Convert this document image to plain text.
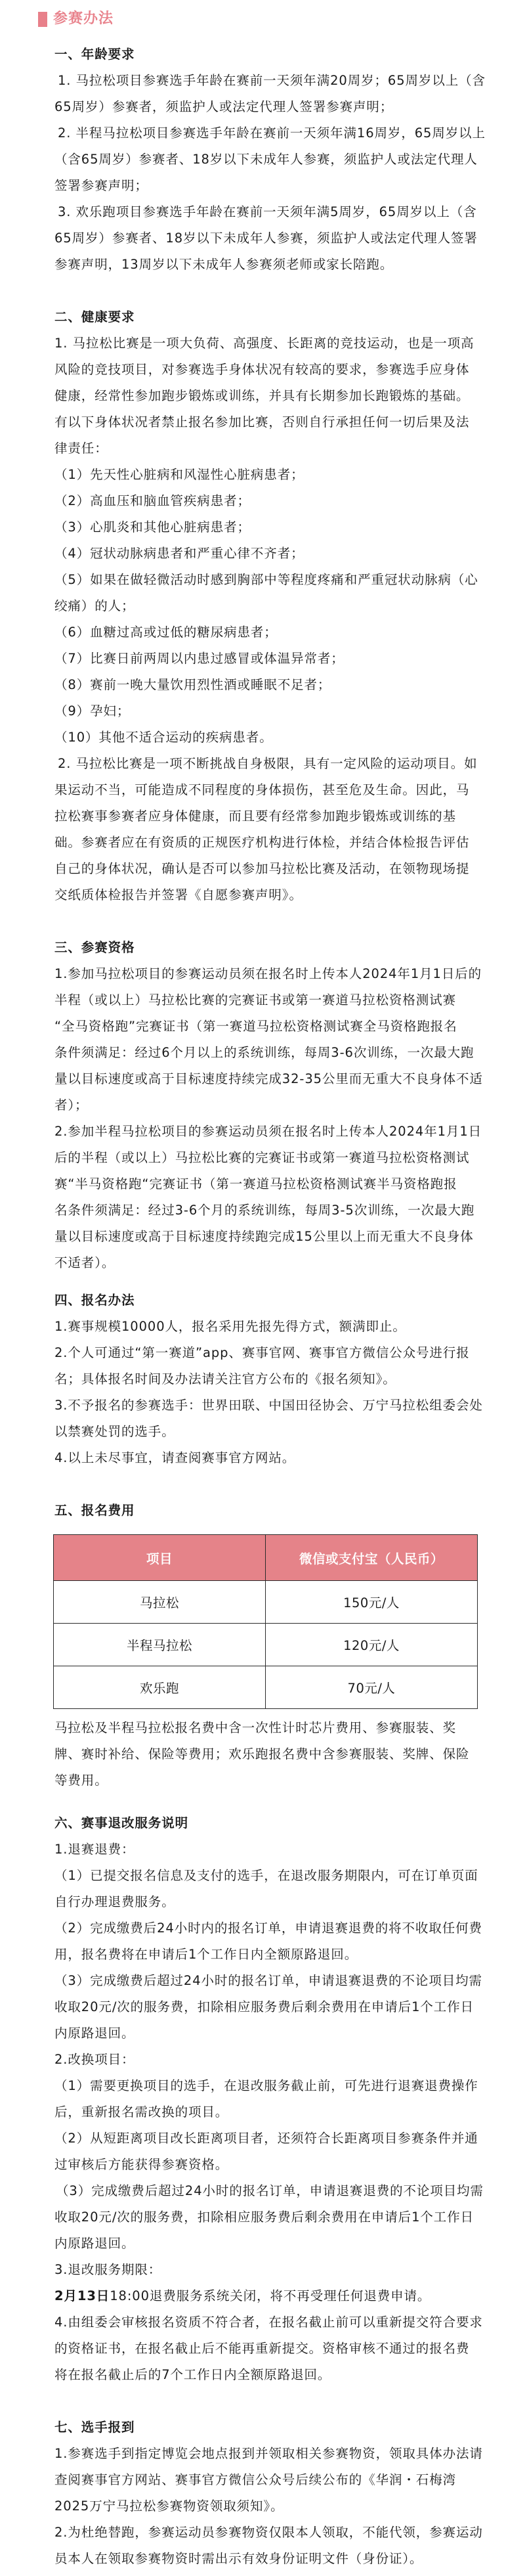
参赛办法
一、年龄要求
1. 马拉松项目参赛选手年龄在赛前一天须年满20周岁；65周岁以上（含
65周岁）参赛者，须监护人或法定代理人签署参赛声明；
2. 半程马拉松项目参赛选手年龄在赛前一天须年满16周岁，65周岁以上
（含65周岁）参赛者、18岁以下未成年人参赛，须监护人或法定代理人
签署参赛声明；
3. 欢乐跑项目参赛选手年龄在赛前一天须年满5周岁，65周岁以上（含
65周岁）参赛者、18岁以下未成年人参赛，须监护人或法定代理人签署
参赛声明，13周岁以下未成年人参赛须老师或家长陪跑。
二、健康要求
1. 马拉松比赛是一项大负荷、高强度、长距离的竞技运动，也是一项高
风险的竞技项目，对参赛选手身体状况有较高的要求，参赛选手应身体
健康，经常性参加跑步锻炼或训练，并具有长期参加长跑锻炼的基础。
有以下身体状况者禁止报名参加比赛，否则自行承担任何一切后果及法
律责任：
（1）先天性心脏病和风湿性心脏病患者；
（2）高血压和脑血管疾病患者；
（3）心肌炎和其他心脏病患者；
（4）冠状动脉病患者和严重心律不齐者；
（5）如果在做轻微活动时感到胸部中等程度疼痛和严重冠状动脉病（心
绞痛）的人；
（6）血糖过高或过低的糖尿病患者；
（7）比赛日前两周以内患过感冒或体温异常者；
（8）赛前一晚大量饮用烈性酒或睡眠不足者；
（9）孕妇；
（10）其他不适合运动的疾病患者。
2. 马拉松比赛是一项不断挑战自身极限，具有一定风险的运动项目。如
果运动不当，可能造成不同程度的身体损伤，甚至危及生命。因此，马
拉松赛事参赛者应身体健康，而且要有经常参加跑步锻炼或训练的基
础。参赛者应在有资质的正规医疗机构进行体检，并结合体检报告评估
自己的身体状况，确认是否可以参加马拉松比赛及活动，在领物现场提
交纸质体检报告并签署《自愿参赛声明》。
三、参赛资格
1.参加马拉松项目的参赛运动员须在报名时上传本人2024年1月1日后的
半程（或以上）马拉松比赛的完赛证书或第一赛道马拉松资格测试赛
“全马资格跑”完赛证书（第一赛道马拉松资格测试赛全马资格跑报名
条件须满足：经过6个月以上的系统训练，每周3-6次训练，一次最大跑
量以目标速度或高于目标速度持续完成32-35公里而无重大不良身体不适
者）；
2.参加半程马拉松项目的参赛运动员须在报名时上传本人2024年1月1日
后的半程（或以上）马拉松比赛的完赛证书或第一赛道马拉松资格测试
赛“半马资格跑“完赛证书（第一赛道马拉松资格测试赛半马资格跑报
名条件须满足：经过3-6个月的系统训练，每周3-5次训练，一次最大跑
量以目标速度或高于目标速度持续跑完成15公里以上而无重大不良身体
不适者）。
四、报名办法
1.赛事规模10000人，报名采用先报先得方式，额满即止。
2.个人可通过“第一赛道”app、赛事官网、赛事官方微信公众号进行报
名；具体报名时间及办法请关注官方公布的《报名须知》。
3.不予报名的参赛选手：世界田联、中国田径协会、万宁马拉松组委会处
以禁赛处罚的选手。
4.以上未尽事宜，请查阅赛事官方网站。
五、报名费用
项目	微信或支付宝（人民币）
马拉松	150元/人
半程马拉松	120元/人
欢乐跑	70元/人
马拉松及半程马拉松报名费中含一次性计时芯片费用、参赛服装、奖
牌、赛时补给、保险等费用；欢乐跑报名费中含参赛服装、奖牌、保险
等费用。
六、赛事退改服务说明
1.退赛退费：
（1）已提交报名信息及支付的选手，在退改服务期限内，可在订单页面
自行办理退费服务。
（2）完成缴费后24小时内的报名订单，申请退赛退费的将不收取任何费
用，报名费将在申请后1个工作日内全额原路退回。
（3）完成缴费后超过24小时的报名订单，申请退赛退费的不论项目均需
收取20元/次的服务费，扣除相应服务费后剩余费用在申请后1个工作日
内原路退回。
2.改换项目：
（1）需要更换项目的选手，在退改服务截止前，可先进行退赛退费操作
后，重新报名需改换的项目。
（2）从短距离项目改长距离项目者，还须符合长距离项目参赛条件并通
过审核后方能获得参赛资格。
（3）完成缴费后超过24小时的报名订单，申请退赛退费的不论项目均需
收取20元/次的服务费，扣除相应服务费后剩余费用在申请后1个工作日
内原路退回。
3.退改服务期限：
2月13日18:00退费服务系统关闭，将不再受理任何退费申请。
4.由组委会审核报名资质不符合者，在报名截止前可以重新提交符合要求
的资格证书，在报名截止后不能再重新提交。资格审核不通过的报名费
将在报名截止后的7个工作日内全额原路退回。
七、选手报到
1.参赛选手到指定博览会地点报到并领取相关参赛物资，领取具体办法请
查阅赛事官方网站、赛事官方微信公众号后续公布的《华润・石梅湾
2025万宁马拉松参赛物资领取须知》。
2.为杜绝替跑，参赛运动员参赛物资仅限本人领取，不能代领，参赛运动
员本人在领取参赛物资时需出示有效身份证明文件（身份证）。
